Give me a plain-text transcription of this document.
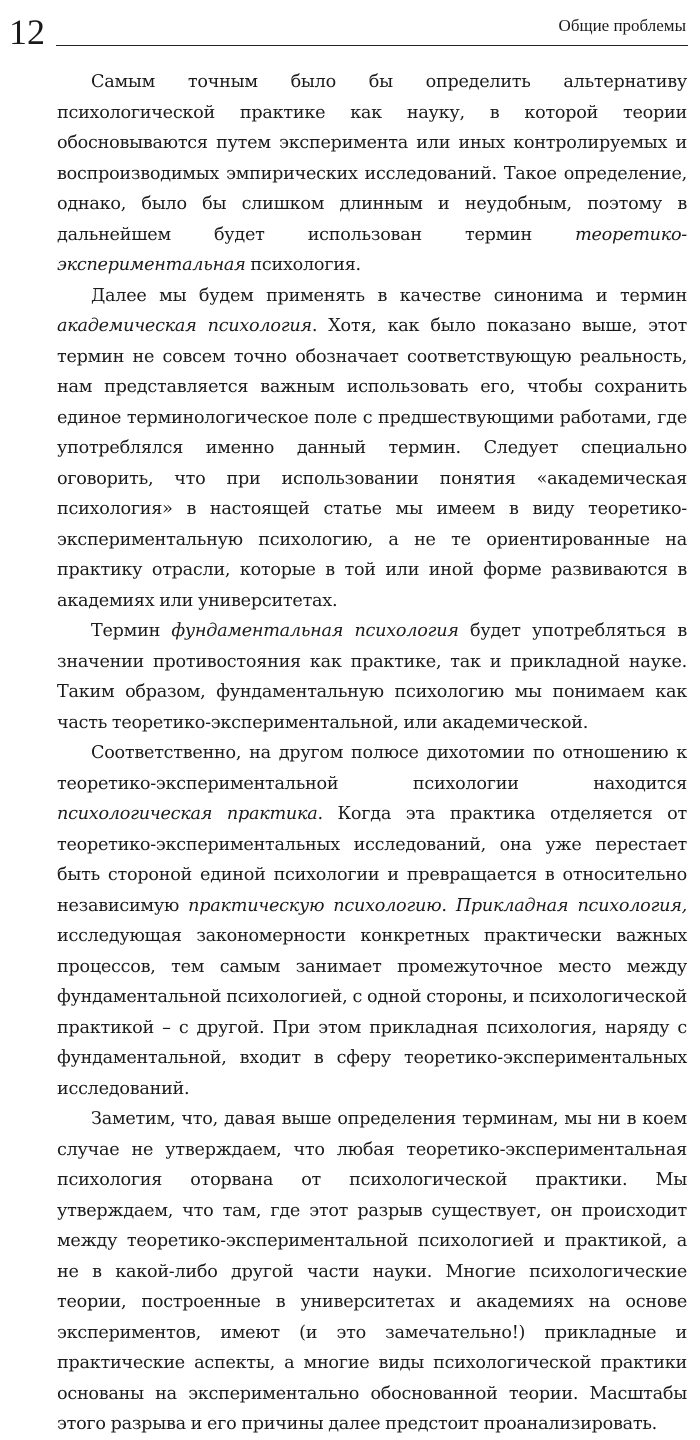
12	Общие проблемы

Самым точным было бы определить альтернативу психологической практике как науку, в которой теории обосновываются путем эксперимента или иных контролируемых и воспроизводимых эмпирических исследований. Такое определение, однако, было бы слишком длинным и неудобным, поэтому в дальнейшем будет использован термин теоретико-экспериментальная психология.

Далее мы будем применять в качестве синонима и термин академическая психология. Хотя, как было показано выше, этот термин не совсем точно обозначает соответствующую реальность, нам представляется важным использовать его, чтобы сохранить единое терминологическое поле с предшествующими работами, где употреблялся именно данный термин. Следует специально оговорить, что при использовании понятия «академическая психология» в настоящей статье мы имеем в виду теоретико-экспериментальную психологию, а не те ориентированные на практику отрасли, которые в той или иной форме развиваются в академиях или университетах.

Термин фундаментальная психология будет употребляться в значении противостояния как практике, так и прикладной науке. Таким образом, фундаментальную психологию мы понимаем как часть теоретико-экспериментальной, или академической.

Соответственно, на другом полюсе дихотомии по отношению к теоретико-экспериментальной психологии находится психологическая практика. Когда эта практика отделяется от теоретико-экспериментальных исследований, она уже перестает быть стороной единой психологии и превращается в относительно независимую практическую психологию. Прикладная психология, исследующая закономерности конкретных практически важных процессов, тем самым занимает промежуточное место между фундаментальной психологией, с одной стороны, и психологической практикой – с другой. При этом прикладная психология, наряду с фундаментальной, входит в сферу теоретико-экспериментальных исследований.

Заметим, что, давая выше определения терминам, мы ни в коем случае не утверждаем, что любая теоретико-экспериментальная психология оторвана от психологической практики. Мы утверждаем, что там, где этот разрыв существует, он происходит между теоретико-экспериментальной психологией и практикой, а не в какой-либо другой части науки. Многие психологические теории, построенные в университетах и академиях на основе экспериментов, имеют (и это замечательно!) прикладные и практические аспекты, а многие виды психологической практики основаны на экспериментально обоснованной теории. Масштабы этого разрыва и его причины далее предстоит проанализировать.
